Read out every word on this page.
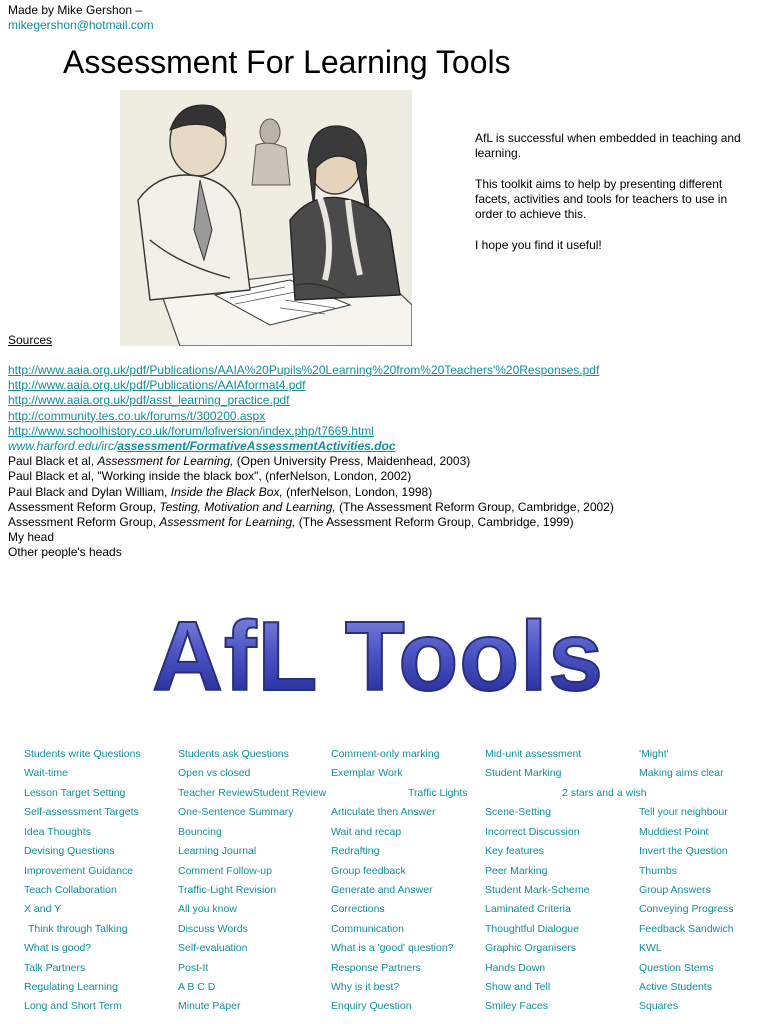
Made by Mike Gershon –
mikegershon@hotmail.com
Assessment For Learning Tools

AfL is successful when embedded in teaching and learning.

This toolkit aims to help by presenting different facets, activities and tools for teachers to use in order to achieve this.

I hope you find it useful!

Sources
http://www.aaia.org.uk/pdf/Publications/AAIA%20Pupils%20Learning%20from%20Teachers'%20Responses.pdf
http://www.aaia.org.uk/pdf/Publications/AAIAformat4.pdf
http://www.aaia.org.uk/pdf/asst_learning_practice.pdf
http://community.tes.co.uk/forums/t/300200.aspx
http://www.schoolhistory.co.uk/forum/lofiversion/index.php/t7669.html
www.harford.edu/irc/assessment/FormativeAssessmentActivities.doc
Paul Black et al, Assessment for Learning, (Open University Press, Maidenhead, 2003)
Paul Black et al, "Working inside the black box", (nferNelson, London, 2002)
Paul Black and Dylan William, Inside the Black Box, (nferNelson, London, 1998)
Assessment Reform Group, Testing, Motivation and Learning, (The Assessment Reform Group, Cambridge, 2002)
Assessment Reform Group, Assessment for Learning, (The Assessment Reform Group, Cambridge, 1999)
My head
Other people's heads
AfL Tools
Students write Questions
Wait-time
Lesson Target Setting
Self-assessment Targets
Idea Thoughts
Devising Questions
Improvement Guidance
Teach Collaboration
X and Y
Think through Talking
What is good?
Talk Partners
Regulating Learning
Long and Short Term
Students ask Questions
Open vs closed
Teacher ReviewStudent Review
One-Sentence Summary
Bouncing
Learning Journal
Comment Follow-up
Traffic-Light Revision
All you know
Discuss Words
Self-evaluation
Post-It
A B C D
Minute Paper
Comment-only marking
Exemplar Work
Traffic Lights
Articulate then Answer
Wait and recap
Redrafting
Group feedback
Generate and Answer
Corrections
Communication
What is a 'good' question?
Response Partners
Why is it best?
Enquiry Question
Mid-unit assessment
Student Marking
2 stars and a wish
Scene-Setting
Incorrect Discussion
Key features
Peer Marking
Student Mark-Scheme
Laminated Criteria
Thoughtful Dialogue
Graphic Organisers
Hands Down
Show and Tell
Smiley Faces
'Might'
Making aims clear
Tell your neighbour
Muddiest Point
Invert the Question
Thumbs
Group Answers
Conveying Progress
Feedback Sandwich
KWL
Question Stems
Active Students
Squares
